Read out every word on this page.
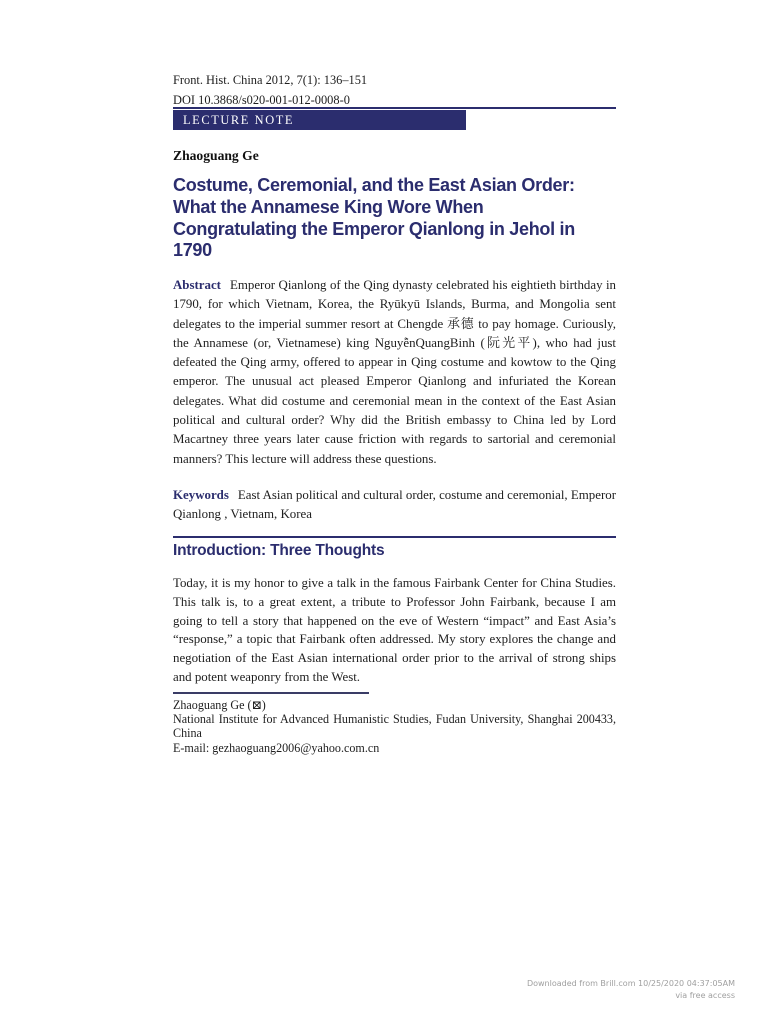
Front. Hist. China 2012, 7(1): 136–151
DOI 10.3868/s020-001-012-0008-0
LECTURE NOTE
Zhaoguang Ge
Costume, Ceremonial, and the East Asian Order:
What the Annamese King Wore When
Congratulating the Emperor Qianlong in Jehol in
1790

Abstract Emperor Qianlong of the Qing dynasty celebrated his eightieth birthday in 1790, for which Vietnam, Korea, the Ryūkyū Islands, Burma, and Mongolia sent delegates to the imperial summer resort at Chengde 承德 to pay homage. Curiously, the Annamese (or, Vietnamese) king NguyễnQuangBinh (阮光平), who had just defeated the Qing army, offered to appear in Qing costume and kowtow to the Qing emperor. The unusual act pleased Emperor Qianlong and infuriated the Korean delegates. What did costume and ceremonial mean in the context of the East Asian political and cultural order? Why did the British embassy to China led by Lord Macartney three years later cause friction with regards to sartorial and ceremonial manners? This lecture will address these questions.

Keywords East Asian political and cultural order, costume and ceremonial, Emperor Qianlong , Vietnam, Korea

Introduction: Three Thoughts

Today, it is my honor to give a talk in the famous Fairbank Center for China Studies. This talk is, to a great extent, a tribute to Professor John Fairbank, because I am going to tell a story that happened on the eve of Western “impact” and East Asia’s “response,” a topic that Fairbank often addressed. My story explores the change and negotiation of the East Asian international order prior to the arrival of strong ships and potent weaponry from the West.

Zhaoguang Ge (⊠)

National Institute for Advanced Humanistic Studies, Fudan University, Shanghai 200433, China

E-mail: gezhaoguang2006@yahoo.com.cn
Downloaded from Brill.com 10/25/2020 04:37:05AM
via free access
